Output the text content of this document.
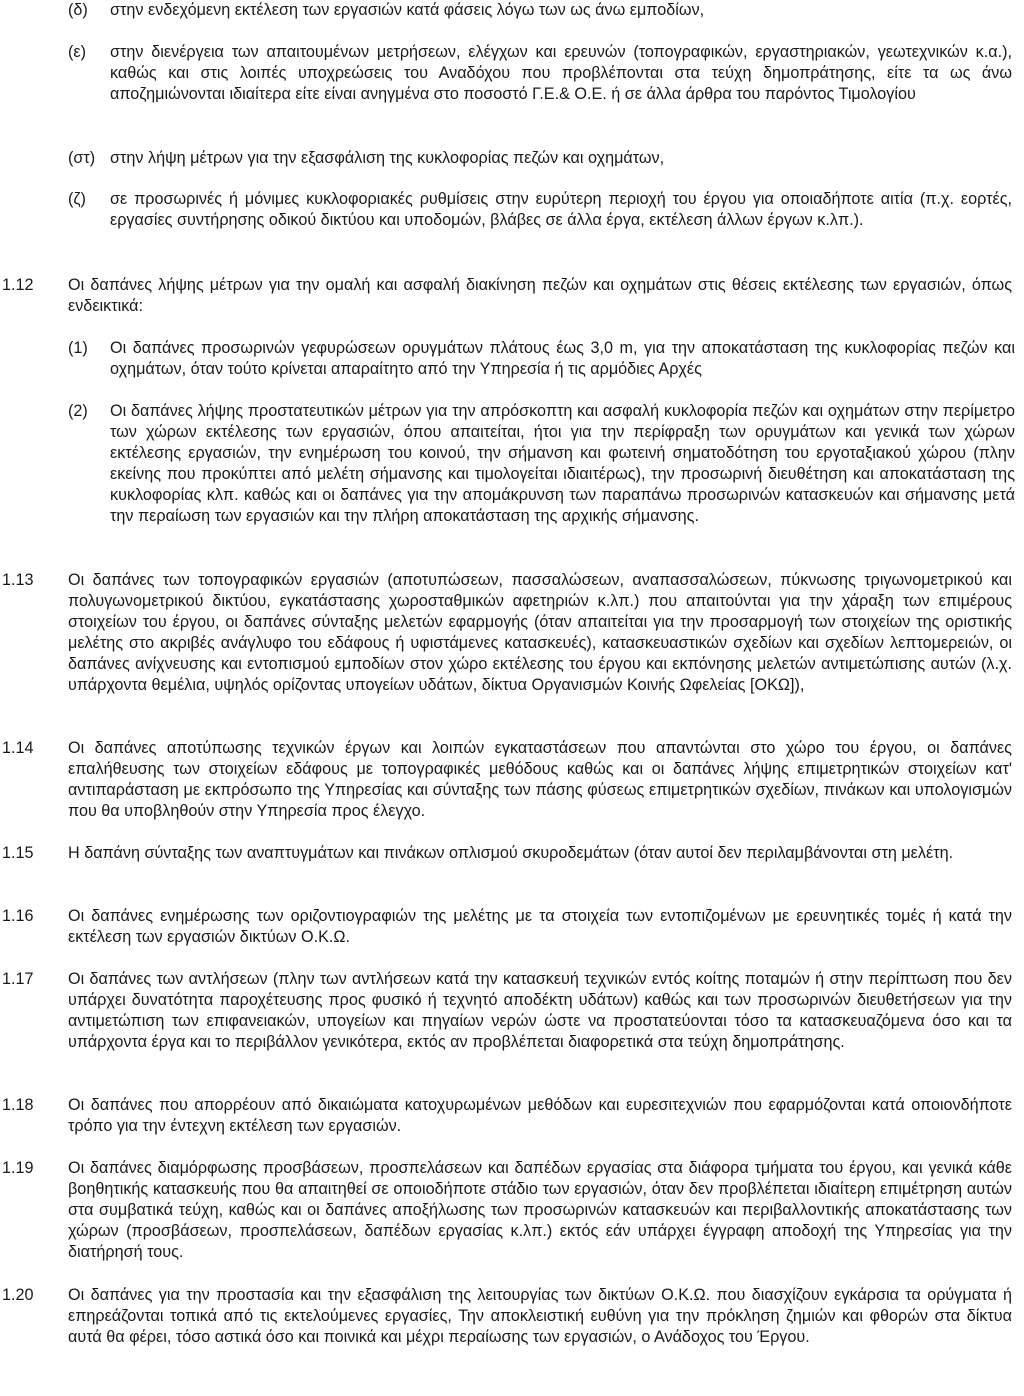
(δ) στην ενδεχόμενη εκτέλεση των εργασιών κατά φάσεις λόγω των ως άνω εμποδίων,
(ε) στην διενέργεια των απαιτουμένων μετρήσεων, ελέγχων και ερευνών (τοπογραφικών, εργαστηριακών, γεωτεχνικών κ.α.), καθώς και στις λοιπές υποχρεώσεις του Αναδόχου που προβλέπονται στα τεύχη δημοπράτησης, είτε τα ως άνω αποζημιώνονται ιδιαίτερα είτε είναι ανηγμένα στο ποσοστό Γ.Ε.& Ο.Ε. ή σε άλλα άρθρα του παρόντος Τιμολογίου
(στ) στην λήψη μέτρων για την εξασφάλιση της κυκλοφορίας πεζών και οχημάτων,
(ζ) σε προσωρινές ή μόνιμες κυκλοφοριακές ρυθμίσεις στην ευρύτερη περιοχή του έργου για οποιαδήποτε αιτία (π.χ. εορτές, εργασίες συντήρησης οδικού δικτύου και υποδομών, βλάβες σε άλλα έργα, εκτέλεση άλλων έργων κ.λπ.).
1.12 Οι δαπάνες λήψης μέτρων για την ομαλή και ασφαλή διακίνηση πεζών και οχημάτων στις θέσεις εκτέλεσης των εργασιών, όπως ενδεικτικά:
(1) Οι δαπάνες προσωρινών γεφυρώσεων ορυγμάτων πλάτους έως 3,0 m, για την αποκατάσταση της κυκλοφορίας πεζών και οχημάτων, όταν τούτο κρίνεται απαραίτητο από την Υπηρεσία ή τις αρμόδιες Αρχές
(2) Οι δαπάνες λήψης προστατευτικών μέτρων για την απρόσκοπτη και ασφαλή κυκλοφορία πεζών και οχημάτων στην περίμετρο των χώρων εκτέλεσης των εργασιών, όπου απαιτείται, ήτοι για την περίφραξη των ορυγμάτων και γενικά των χώρων εκτέλεσης εργασιών, την ενημέρωση του κοινού, την σήμανση και φωτεινή σηματοδότηση του εργοταξιακού χώρου (πλην εκείνης που προκύπτει από μελέτη σήμανσης και τιμολογείται ιδιαιτέρως), την προσωρινή διευθέτηση και αποκατάσταση της κυκλοφορίας κλπ. καθώς και οι δαπάνες για την απομάκρυνση των παραπάνω προσωρινών κατασκευών και σήμανσης μετά την περαίωση των εργασιών και την πλήρη αποκατάσταση της αρχικής σήμανσης.
1.13 Οι δαπάνες των τοπογραφικών εργασιών (αποτυπώσεων, πασσαλώσεων, αναπασσαλώσεων, πύκνωσης τριγωνομετρικού και πολυγωνομετρικού δικτύου, εγκατάστασης χωροσταθμικών αφετηριών κ.λπ.) που απαιτούνται για την χάραξη των επιμέρους στοιχείων του έργου, οι δαπάνες σύνταξης μελετών εφαρμογής (όταν απαιτείται για την προσαρμογή των στοιχείων της οριστικής μελέτης στο ακριβές ανάγλυφο του εδάφους ή υφιστάμενες κατασκευές), κατασκευαστικών σχεδίων και σχεδίων λεπτομερειών, οι δαπάνες ανίχνευσης και εντοπισμού εμποδίων στον χώρο εκτέλεσης του έργου και εκπόνησης μελετών αντιμετώπισης αυτών (λ.χ. υπάρχοντα θεμέλια, υψηλός ορίζοντας υπογείων υδάτων, δίκτυα Οργανισμών Κοινής Ωφελείας [ΟΚΩ]),
1.14 Οι δαπάνες αποτύπωσης τεχνικών έργων και λοιπών εγκαταστάσεων που απαντώνται στο χώρο του έργου, οι δαπάνες επαλήθευσης των στοιχείων εδάφους με τοπογραφικές μεθόδους καθώς και οι δαπάνες λήψης επιμετρητικών στοιχείων κατ' αντιπαράσταση με εκπρόσωπο της Υπηρεσίας και σύνταξης των πάσης φύσεως επιμετρητικών σχεδίων, πινάκων και υπολογισμών που θα υποβληθούν στην Υπηρεσία προς έλεγχο.
1.15 Η δαπάνη σύνταξης των αναπτυγμάτων και πινάκων οπλισμού σκυροδεμάτων (όταν αυτοί δεν περιλαμβάνονται στη μελέτη.
1.16 Οι δαπάνες ενημέρωσης των οριζοντιογραφιών της μελέτης με τα στοιχεία των εντοπιζομένων με ερευνητικές τομές ή κατά την εκτέλεση των εργασιών δικτύων Ο.Κ.Ω.
1.17 Οι δαπάνες των αντλήσεων (πλην των αντλήσεων κατά την κατασκευή τεχνικών εντός κοίτης ποταμών ή στην περίπτωση που δεν υπάρχει δυνατότητα παροχέτευσης προς φυσικό ή τεχνητό αποδέκτη υδάτων) καθώς και των προσωρινών διευθετήσεων για την αντιμετώπιση των επιφανειακών, υπογείων και πηγαίων νερών ώστε να προστατεύονται τόσο τα κατασκευαζόμενα όσο και τα υπάρχοντα έργα και το περιβάλλον γενικότερα, εκτός αν προβλέπεται διαφορετικά στα τεύχη δημοπράτησης.
1.18 Οι δαπάνες που απορρέουν από δικαιώματα κατοχυρωμένων μεθόδων και ευρεσιτεχνιών που εφαρμόζονται κατά οποιονδήποτε τρόπο για την έντεχνη εκτέλεση των εργασιών.
1.19 Οι δαπάνες διαμόρφωσης προσβάσεων, προσπελάσεων και δαπέδων εργασίας στα διάφορα τμήματα του έργου, και γενικά κάθε βοηθητικής κατασκευής που θα απαιτηθεί σε οποιοδήποτε στάδιο των εργασιών, όταν δεν προβλέπεται ιδιαίτερη επιμέτρηση αυτών στα συμβατικά τεύχη, καθώς και οι δαπάνες αποξήλωσης των προσωρινών κατασκευών και περιβαλλοντικής αποκατάστασης των χώρων (προσβάσεων, προσπελάσεων, δαπέδων εργασίας κ.λπ.) εκτός εάν υπάρχει έγγραφη αποδοχή της Υπηρεσίας για την διατήρησή τους.
1.20 Οι δαπάνες για την προστασία και την εξασφάλιση της λειτουργίας των δικτύων Ο.Κ.Ω. που διασχίζουν εγκάρσια τα ορύγματα ή επηρεάζονται τοπικά από τις εκτελούμενες εργασίες, Την αποκλειστική ευθύνη για την πρόκληση ζημιών και φθορών στα δίκτυα αυτά θα φέρει, τόσο αστικά όσο και ποινικά και μέχρι περαίωσης των εργασιών, ο Ανάδοχος του Έργου.
